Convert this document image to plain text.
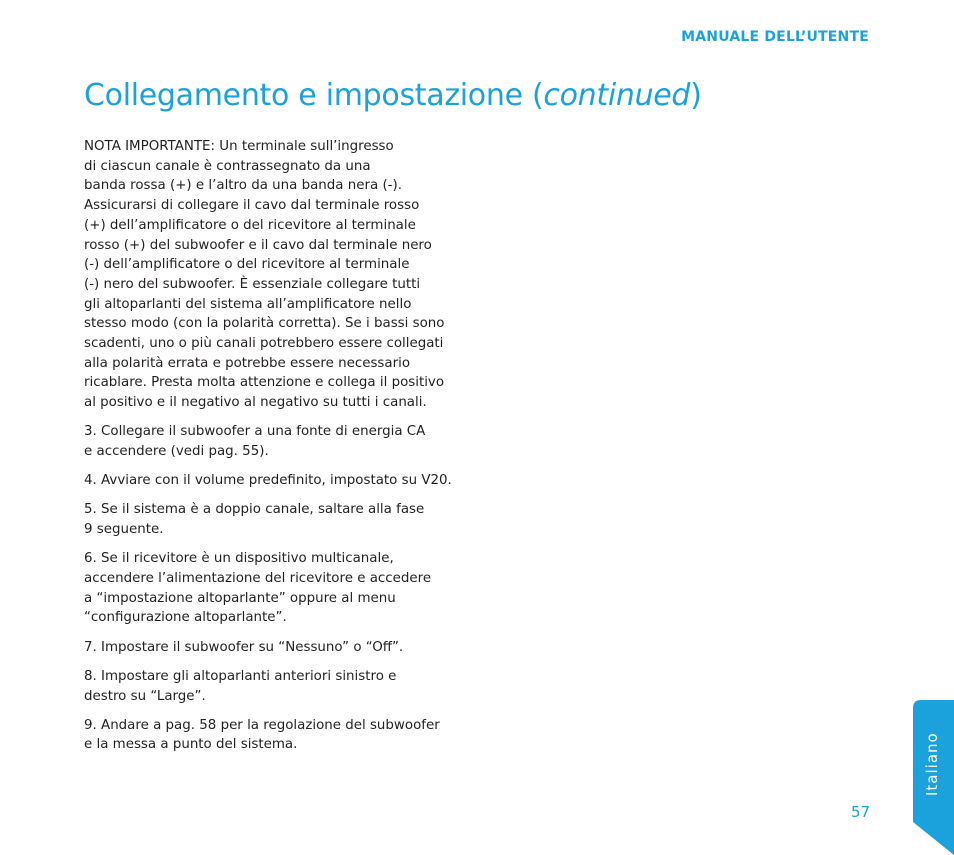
MANUALE DELL’UTENTE
Collegamento e impostazione (continued)

NOTA IMPORTANTE: Un terminale sull’ingresso
di ciascun canale è contrassegnato da una
banda rossa (+) e l’altro da una banda nera (-).
Assicurarsi di collegare il cavo dal terminale rosso
(+) dell’amplificatore o del ricevitore al terminale
rosso (+) del subwoofer e il cavo dal terminale nero
(-) dell’amplificatore o del ricevitore al terminale
(-) nero del subwoofer. È essenziale collegare tutti
gli altoparlanti del sistema all’amplificatore nello
stesso modo (con la polarità corretta). Se i bassi sono
scadenti, uno o più canali potrebbero essere collegati
alla polarità errata e potrebbe essere necessario
ricablare. Presta molta attenzione e collega il positivo
al positivo e il negativo al negativo su tutti i canali.

3. Collegare il subwoofer a una fonte di energia CA
e accendere (vedi pag. 55).

4. Avviare con il volume predefinito, impostato su V20.

5. Se il sistema è a doppio canale, saltare alla fase
9 seguente.

6. Se il ricevitore è un dispositivo multicanale,
accendere l’alimentazione del ricevitore e accedere
a “impostazione altoparlante” oppure al menu
“configurazione altoparlante”.

7. Impostare il subwoofer su “Nessuno” o “Off”.

8. Impostare gli altoparlanti anteriori sinistro e
destro su “Large”.

9. Andare a pag. 58 per la regolazione del subwoofer
e la messa a punto del sistema.	Italiano
57
